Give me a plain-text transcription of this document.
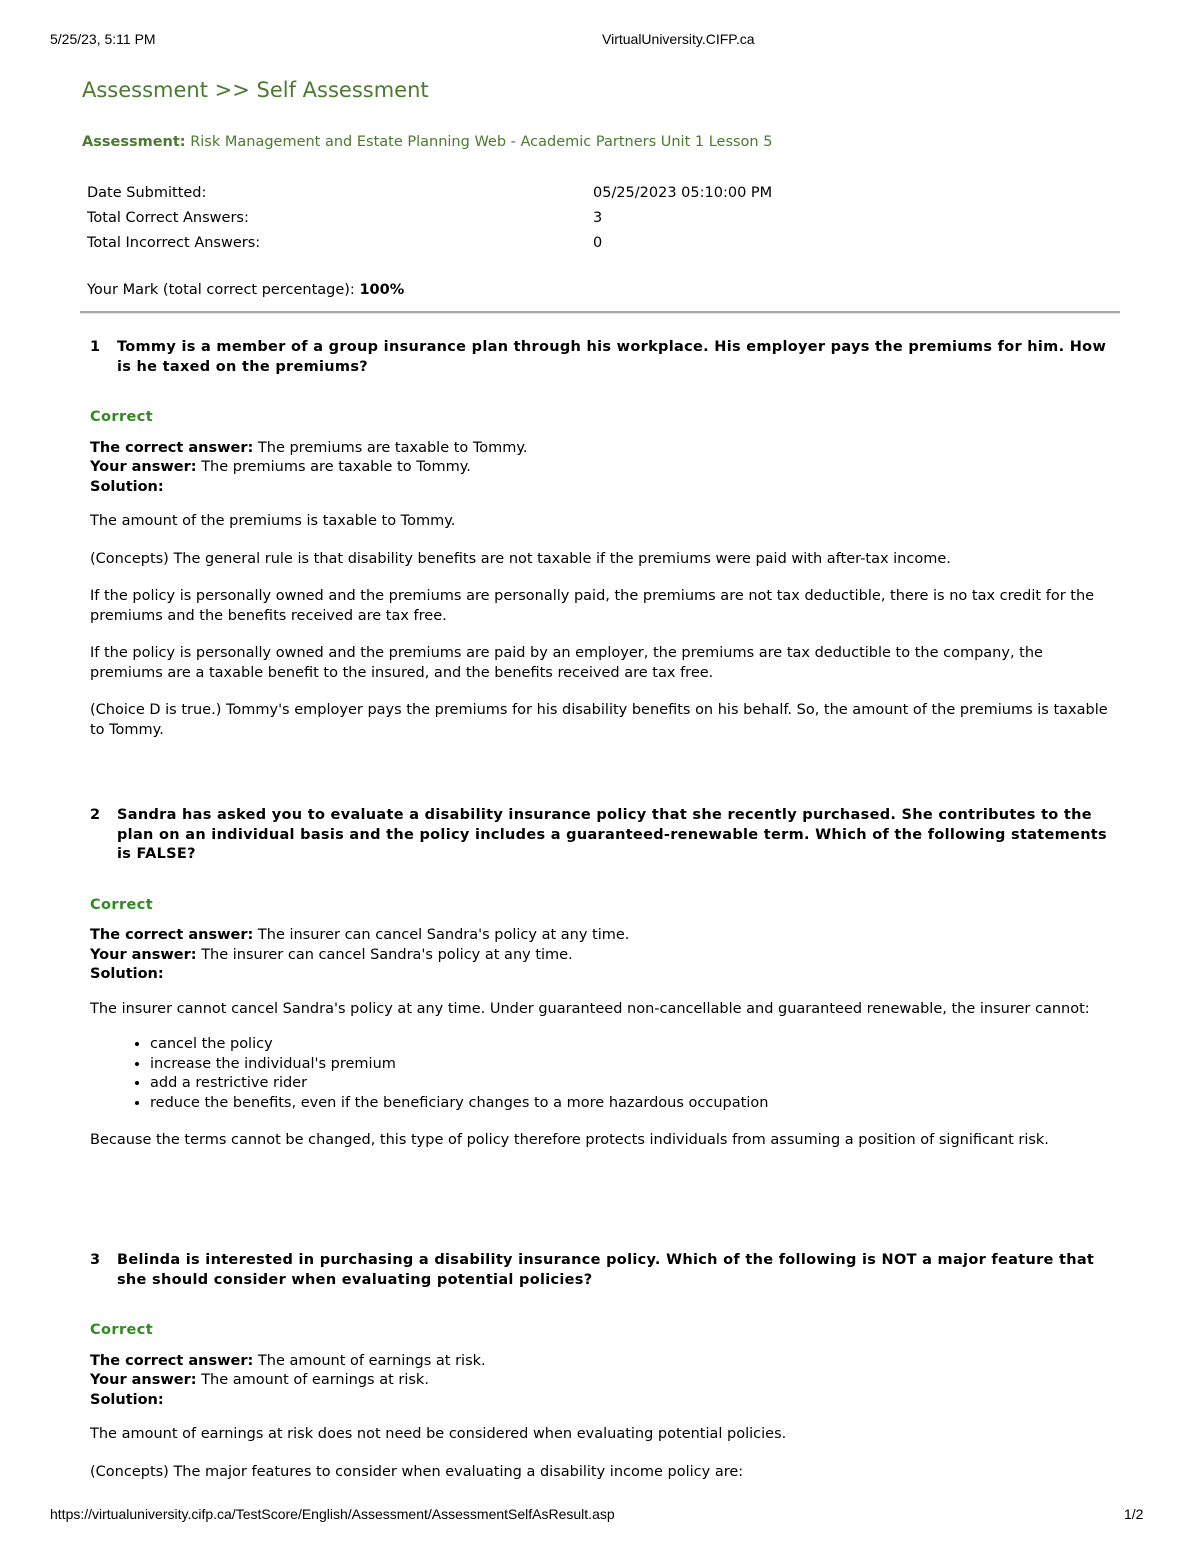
5/25/23, 5:11 PM	VirtualUniversity.CIFP.ca
Assessment >> Self Assessment
Assessment: Risk Management and Estate Planning Web - Academic Partners Unit 1 Lesson 5
Date Submitted:	05/25/2023 05:10:00 PM
Total Correct Answers:	3
Total Incorrect Answers:	0
Your Mark (total correct percentage): 100%
1	Tommy is a member of a group insurance plan through his workplace. His employer pays the premiums for him. How is he taxed on the premiums?
Correct
The correct answer: The premiums are taxable to Tommy.
Your answer: The premiums are taxable to Tommy.
Solution:

The amount of the premiums is taxable to Tommy.

(Concepts) The general rule is that disability benefits are not taxable if the premiums were paid with after-tax income.

If the policy is personally owned and the premiums are personally paid, the premiums are not tax deductible, there is no tax credit for the premiums and the benefits received are tax free.

If the policy is personally owned and the premiums are paid by an employer, the premiums are tax deductible to the company, the premiums are a taxable benefit to the insured, and the benefits received are tax free.

(Choice D is true.) Tommy's employer pays the premiums for his disability benefits on his behalf. So, the amount of the premiums is taxable to Tommy.

2	Sandra has asked you to evaluate a disability insurance policy that she recently purchased. She contributes to the plan on an individual basis and the policy includes a guaranteed-renewable term. Which of the following statements is FALSE?
Correct
The correct answer: The insurer can cancel Sandra's policy at any time.
Your answer: The insurer can cancel Sandra's policy at any time.
Solution:

The insurer cannot cancel Sandra's policy at any time. Under guaranteed non-cancellable and guaranteed renewable, the insurer cannot:

• cancel the policy
• increase the individual's premium
• add a restrictive rider
• reduce the benefits, even if the beneficiary changes to a more hazardous occupation

Because the terms cannot be changed, this type of policy therefore protects individuals from assuming a position of significant risk.

3	Belinda is interested in purchasing a disability insurance policy. Which of the following is NOT a major feature that she should consider when evaluating potential policies?
Correct
The correct answer: The amount of earnings at risk.
Your answer: The amount of earnings at risk.
Solution:

The amount of earnings at risk does not need be considered when evaluating potential policies.

(Concepts) The major features to consider when evaluating a disability income policy are:

https://virtualuniversity.cifp.ca/TestScore/English/Assessment/AssessmentSelfAsResult.asp	1/2
